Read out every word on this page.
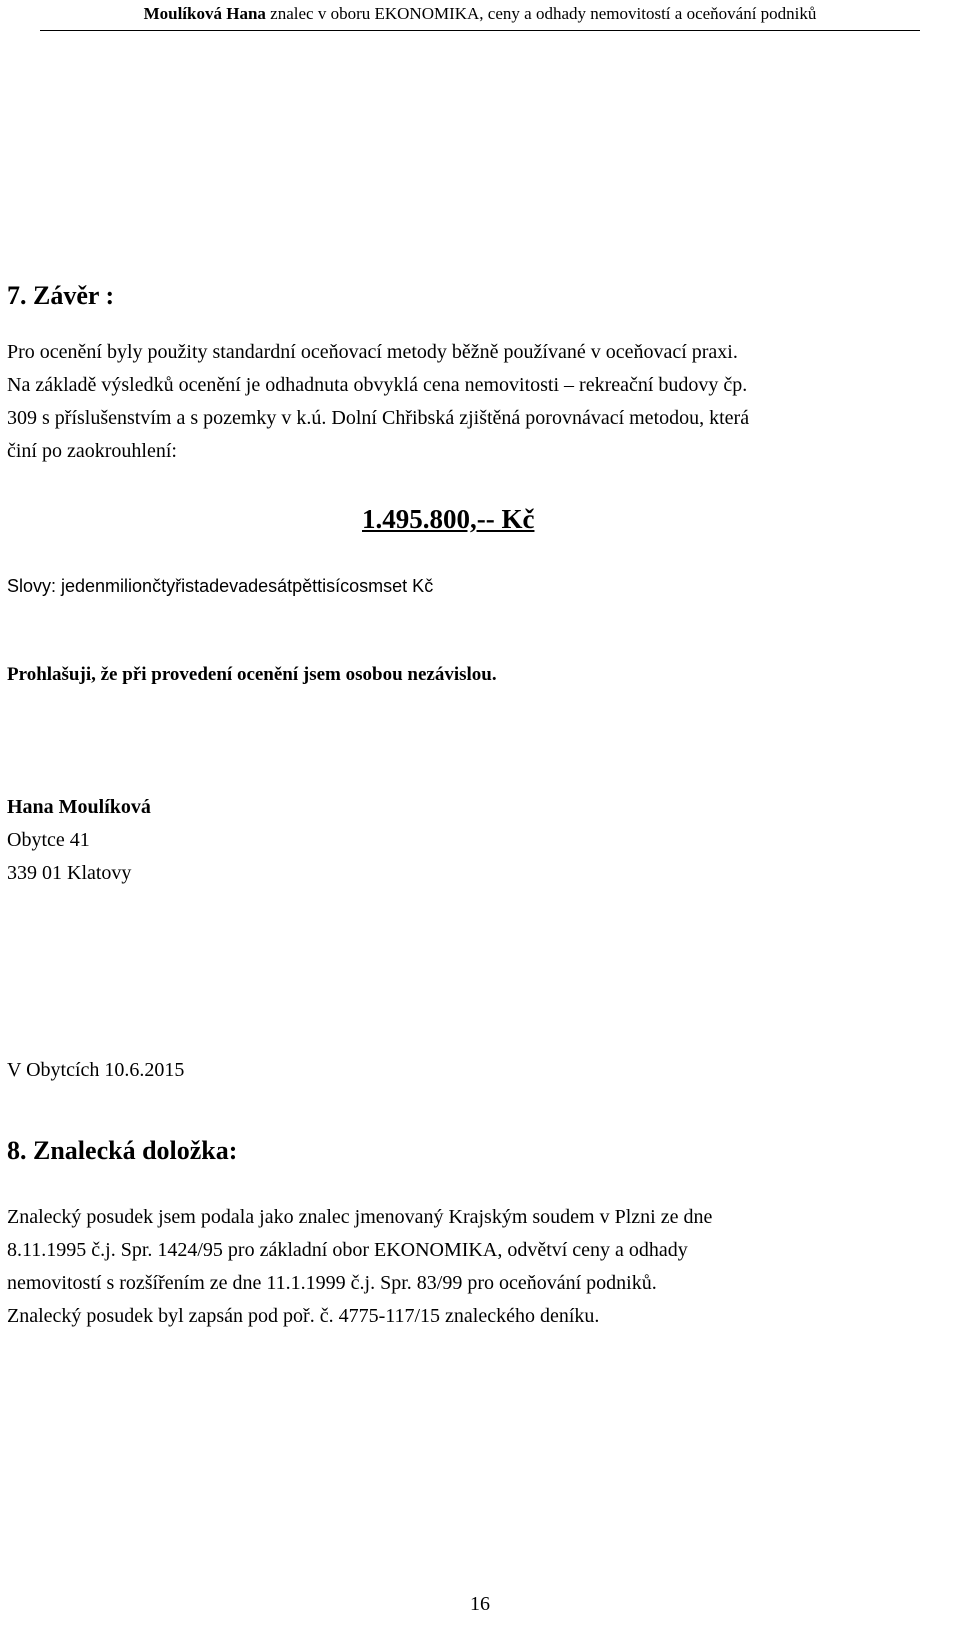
Moulíková Hana znalec v oboru EKONOMIKA, ceny a odhady nemovitostí a oceňování podniků
7. Závěr :
Pro ocenění byly použity standardní oceňovací metody běžně používané v oceňovací praxi.
Na základě výsledků ocenění je odhadnuta obvyklá cena nemovitosti – rekreační budovy čp.
309 s příslušenstvím a s pozemky v k.ú. Dolní Chřibská zjištěná porovnávací metodou, která
činí po zaokrouhlení:
1.495.800,-- Kč
Slovy: jedenmiliončtyřistadevadesátpěttisícosmset Kč
Prohlašuji, že při provedení ocenění jsem osobou nezávislou.
Hana Moulíková
Obytce 41
339 01 Klatovy
V Obytcích 10.6.2015
8. Znalecká doložka:
Znalecký posudek jsem podala jako znalec jmenovaný Krajským soudem v Plzni ze dne
8.11.1995 č.j. Spr. 1424/95 pro základní obor EKONOMIKA, odvětví ceny a odhady
nemovitostí s rozšířením ze dne 11.1.1999 č.j. Spr. 83/99 pro oceňování podniků.
Znalecký posudek byl zapsán pod poř. č. 4775-117/15 znaleckého deníku.
16
